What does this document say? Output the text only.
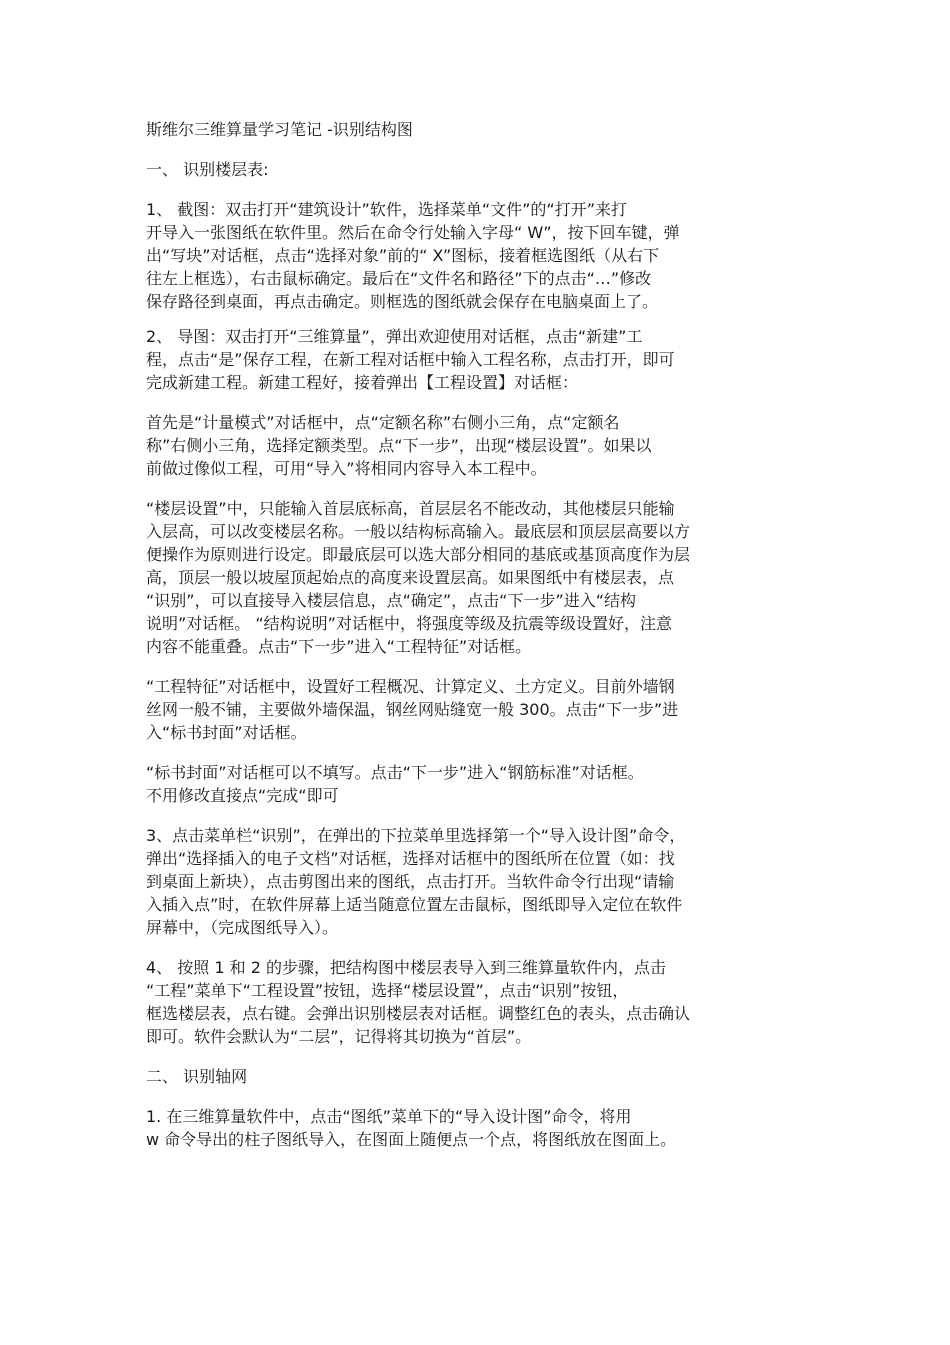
斯维尔三维算量学习笔记 -识别结构图

一、 识别楼层表:

1、 截图：双击打开“建筑设计”软件，选择菜单“文件”的“打开”来打
开导入一张图纸在软件里。然后在命令行处输入字母“ W”，按下回车键，弹
出“写块”对话框，点击“选择对象”前的“ X”图标，接着框选图纸（从右下
往左上框选），右击鼠标确定。最后在“文件名和路径”下的点击“…”修改
保存路径到桌面，再点击确定。则框选的图纸就会保存在电脑桌面上了。

2、 导图：双击打开“三维算量”，弹出欢迎使用对话框，点击“新建”工
程，点击“是”保存工程，在新工程对话框中输入工程名称，点击打开，即可
完成新建工程。新建工程好，接着弹出【工程设置】对话框：

首先是“计量模式”对话框中，点“定额名称”右侧小三角，点“定额名
称”右侧小三角，选择定额类型。点“下一步”，出现“楼层设置”。如果以
前做过像似工程，可用“导入”将相同内容导入本工程中。

“楼层设置”中，只能输入首层底标高，首层层名不能改动，其他楼层只能输
入层高，可以改变楼层名称。一般以结构标高输入。最底层和顶层层高要以方
便操作为原则进行设定。即最底层可以选大部分相同的基底或基顶高度作为层
高，顶层一般以坡屋顶起始点的高度来设置层高。如果图纸中有楼层表，点
“识别”，可以直接导入楼层信息，点“确定”，点击“下一步”进入“结构
说明”对话框。 “结构说明”对话框中，将强度等级及抗震等级设置好，注意
内容不能重叠。点击“下一步”进入“工程特征”对话框。

“工程特征”对话框中，设置好工程概况、计算定义、土方定义。目前外墙钢
丝网一般不铺，主要做外墙保温，钢丝网贴缝宽一般 300。点击“下一步”进
入“标书封面”对话框。

“标书封面”对话框可以不填写。点击“下一步”进入“钢筋标准”对话框。
不用修改直接点“完成“即可

3、点击菜单栏“识别”，在弹出的下拉菜单里选择第一个“导入设计图”命令，
弹出“选择插入的电子文档”对话框，选择对话框中的图纸所在位置（如：找
到桌面上新块），点击剪图出来的图纸，点击打开。当软件命令行出现“请输
入插入点”时，在软件屏幕上适当随意位置左击鼠标，图纸即导入定位在软件
屏幕中，（完成图纸导入）。

4、 按照 1 和 2 的步骤，把结构图中楼层表导入到三维算量软件内，点击
“工程”菜单下“工程设置”按钮，选择“楼层设置”，点击“识别”按钮，
框选楼层表，点右键。会弹出识别楼层表对话框。调整红色的表头，点击确认
即可。软件会默认为“二层”，记得将其切换为“首层”。

二、 识别轴网

1. 在三维算量软件中，点击“图纸”菜单下的“导入设计图”命令，将用
w 命令导出的柱子图纸导入，在图面上随便点一个点，将图纸放在图面上。
